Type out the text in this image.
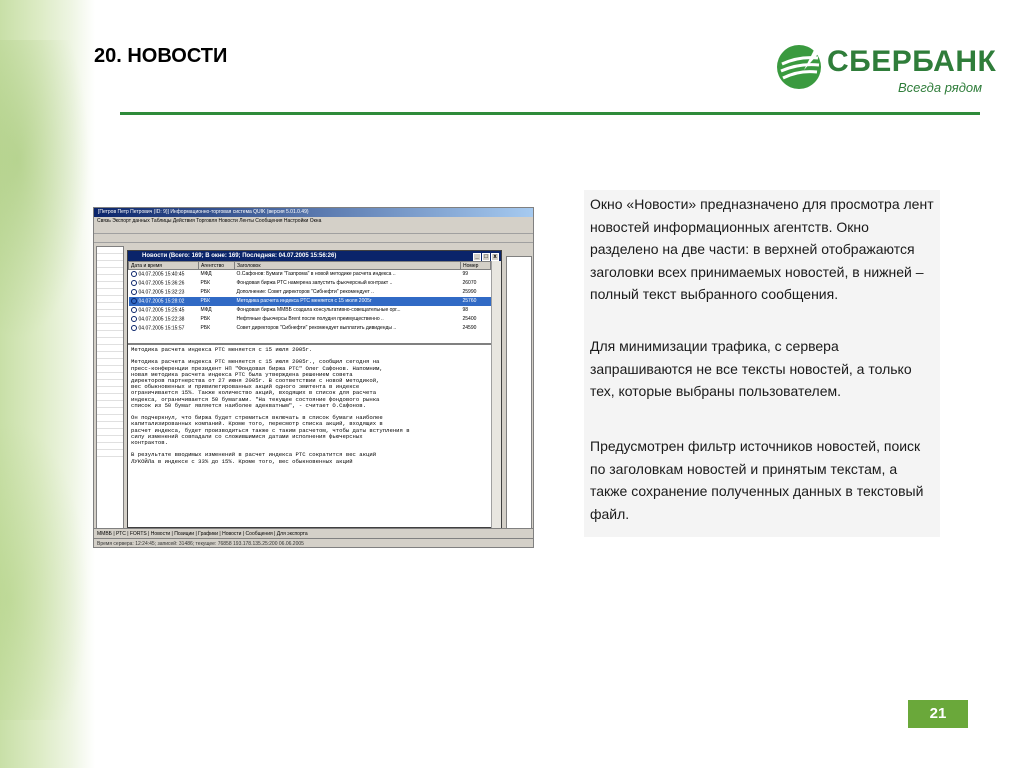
20. НОВОСТИ	СБЕРБАНК
Всегда рядом
[Петров Петр Петрович (ID: 9)] Информационно-торговая система QUIK (версия 5.01.0.49)
Связь Экспорт данных Таблицы Действия Торговля Новости Ленты Сообщения Настройки Окна
Новости (Всего: 169; В окне: 169; Последняя: 04.07.2005 15:56:26)	_ □ x
Дата и время	Агентство	Заголовок	Номер
04.07.2005 15:40:45	МФД	О.Сафонов: Бумаги "Газпрома" в новой методике расчета индекса ..	99
04.07.2005 15:36:26	РБК	Фондовая биржа РТС намерена запустить фьючерсный контракт ..	26070
04.07.2005 15:32:23	РБК	Дополнение: Совет директоров "Сибнефти" рекомендует ..	25990
04.07.2005 15:28:02	РБК	Методика расчета индекса РТС меняется с 15 июля 2005г	25760
04.07.2005 15:25:45	МФД	Фондовая биржа ММВБ создала консультативно-совещательные орг...	98
04.07.2005 15:22:38	РБК	Нефтяные фьючерсы Brent после полудня преимущественно ..	25400
04.07.2005 15:15:57	РБК	Совет директоров "Сибнефти" рекомендует выплатить дивиденды ..	24590
Методика расчета индекса РТС меняется с 15 июля 2005г.

Методика расчета индекса РТС меняется с 15 июля 2005г., сообщил сегодня на
пресс-конференции президент НП "Фондовая биржа РТС" Олег Сафонов. Напомним,
новая методика расчета индекса РТС была утверждена решением совета
директоров партнерства от 27 июня 2005г. В соответствии с новой методикой,
вес обыкновенных и привилегированных акций одного эмитента в индексе
ограничивается 15%. Также количество акций, входящих в список для расчета
индекса, ограничивается 50 бумагами. "На текущее состояние фондового рынка
список из 50 бумаг является наиболее адекватным", - считает О.Сафонов.

Он подчеркнул, что биржа будет стремиться включать в список бумаги наиболее
капитализированных компаний. Кроме того, пересмотр списка акций, входящих в
расчет индекса, будет производиться также с таким расчетом, чтобы даты вступления в
силу изменений совпадали со сложившимися датами исполнения фьючерсных
контрактов.

В результате вводимых изменений в расчет индекса РТС сократится вес акций
ЛУКОЙЛа в индексе с 33% до 15%. Кроме того, вес обыкновенных акций
ММВБ | РТС | FORTS | Новости | Позиции | Графики | Новости | Сообщения | Для экспорта
Время сервера: 12:24:45; записей: 31486; текущее: 76858 193.178.135.25:200 06.06.2005

Окно «Новости» предназначено для просмотра лент новостей информационных агентств. Окно разделено на две части: в верхней отображаются заголовки всех принимаемых новостей, в нижней – полный текст выбранного сообщения.

Для минимизации трафика, с сервера запрашиваются не все тексты новостей, а только тех, которые выбраны пользователем.

Предусмотрен фильтр источников новостей, поиск по заголовкам новостей и принятым текстам, а также сохранение полученных данных в текстовый файл.

21
